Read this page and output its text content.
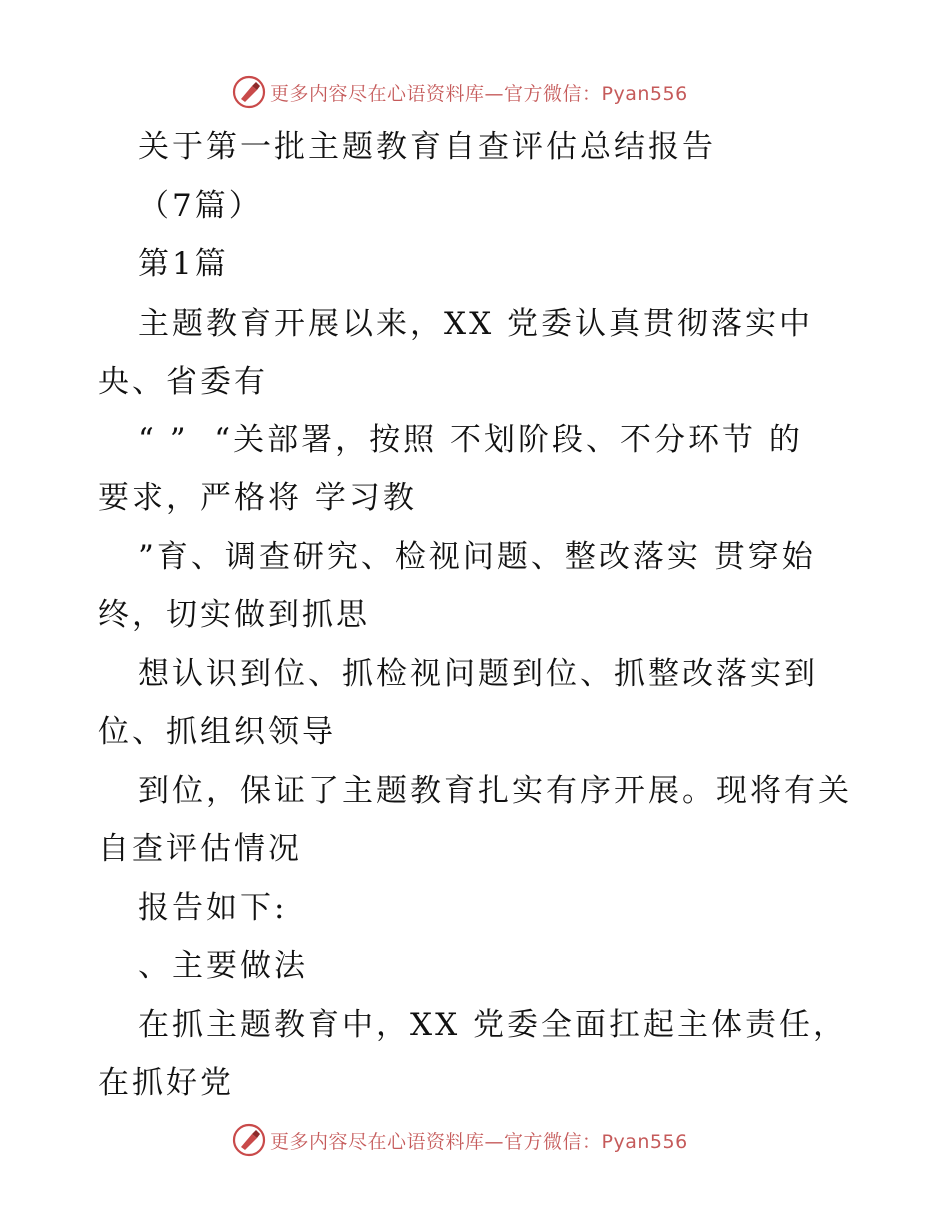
更多内容尽在心语资料库—官方微信：Pyan556
关于第一批主题教育自查评估总结报告
（7篇）
第1篇
主题教育开展以来，XX 党委认真贯彻落实中
央、省委有
“ ”  “关部署，按照 不划阶段、不分环节 的
要求，严格将 学习教
”育、调查研究、检视问题、整改落实 贯穿始
终，切实做到抓思
想认识到位、抓检视问题到位、抓整改落实到
位、抓组织领导
到位，保证了主题教育扎实有序开展。现将有关
自查评估情况
报告如下:
、主要做法
在抓主题教育中，XX 党委全面扛起主体责任，
在抓好党
更多内容尽在心语资料库—官方微信：Pyan556
